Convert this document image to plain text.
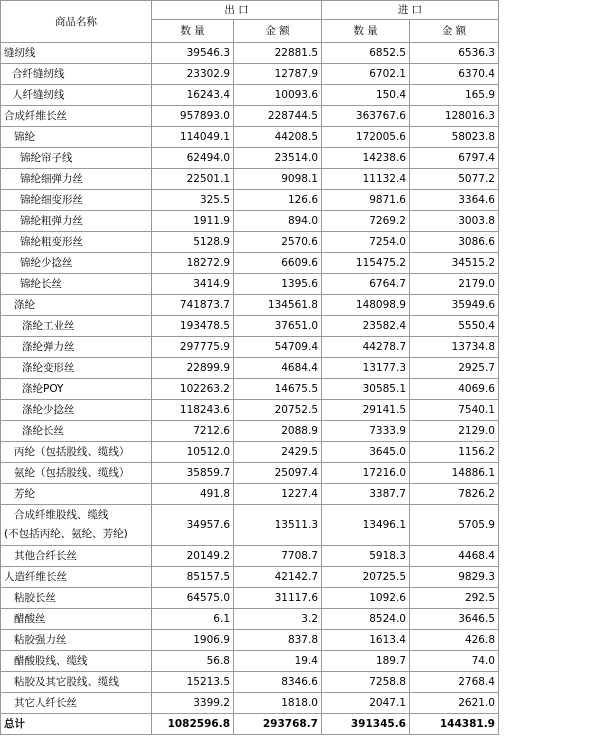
商品名称	出 口		进 口	
	数 量	金 额	数 量	金 额
缝纫线	39546.3	22881.5	6852.5	6536.3
合纤缝纫线	23302.9	12787.9	6702.1	6370.4
人纤缝纫线	16243.4	10093.6	150.4	165.9
合成纤维长丝	957893.0	228744.5	363767.6	128016.3
锦纶	114049.1	44208.5	172005.6	58023.8
锦纶帘子线	62494.0	23514.0	14238.6	6797.4
锦纶细弹力丝	22501.1	9098.1	11132.4	5077.2
锦纶细变形丝	325.5	126.6	9871.6	3364.6
锦纶粗弹力丝	1911.9	894.0	7269.2	3003.8
锦纶粗变形丝	5128.9	2570.6	7254.0	3086.6
锦纶少捻丝	18272.9	6609.6	115475.2	34515.2
锦纶长丝	3414.9	1395.6	6764.7	2179.0
涤纶	741873.7	134561.8	148098.9	35949.6
涤纶工业丝	193478.5	37651.0	23582.4	5550.4
涤纶弹力丝	297775.9	54709.4	44278.7	13734.8
涤纶变形丝	22899.9	4684.4	13177.3	2925.7
涤纶POY	102263.2	14675.5	30585.1	4069.6
涤纶少捻丝	118243.6	20752.5	29141.5	7540.1
涤纶长丝	7212.6	2088.9	7333.9	2129.0
丙纶（包括股线、缆线）	10512.0	2429.5	3645.0	1156.2
氨纶（包括股线、缆线）	35859.7	25097.4	17216.0	14886.1
芳纶	491.8	1227.4	3387.7	7826.2

合成纤维股线、缆线
(不包括丙纶、氨纶、芳纶)	34957.6	13511.3	13496.1	5705.9
其他合纤长丝	20149.2	7708.7	5918.3	4468.4
人造纤维长丝	85157.5	42142.7	20725.5	9829.3
粘胶长丝	64575.0	31117.6	1092.6	292.5
醋酸丝	6.1	3.2	8524.0	3646.5
粘胶强力丝	1906.9	837.8	1613.4	426.8
醋酸股线、缆线	56.8	19.4	189.7	74.0
粘胶及其它股线、缆线	15213.5	8346.6	7258.8	2768.4
其它人纤长丝	3399.2	1818.0	2047.1	2621.0
总计	1082596.8	293768.7	391345.6	144381.9
